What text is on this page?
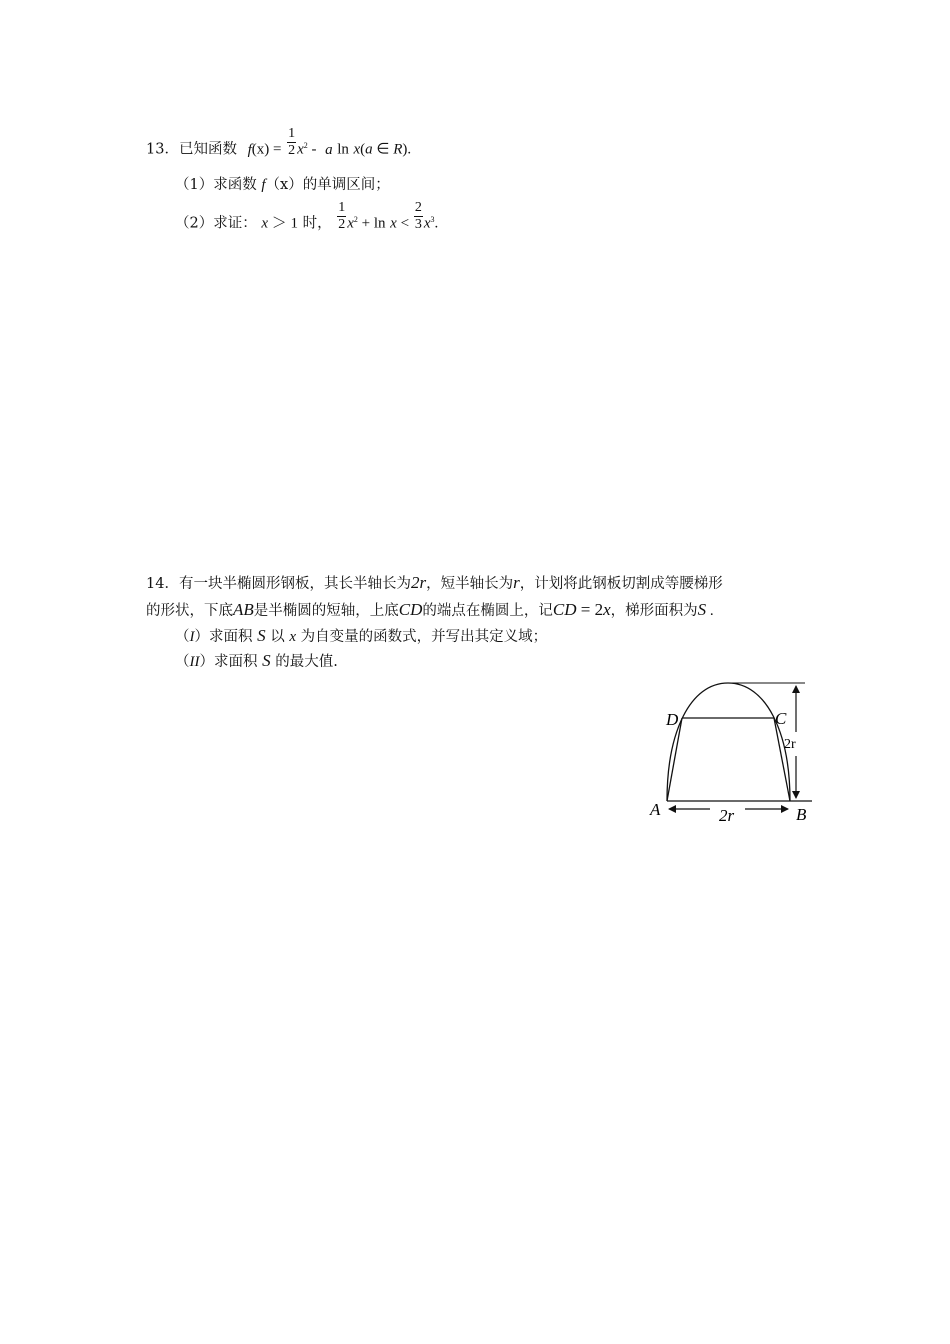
13．已知函数 $f(x) = \frac{1}{2} x^2 - a$ ln x(a ∈ R).
（1）求函数 f（x）的单调区间；
（2）求证： x ＞ 1 时， $\frac{1}{2} x^2 + \ln x < \frac{2}{3} x^3$.
14．有一块半椭圆形钢板，其长半轴长为2r，短半轴长为r，计划将此钢板切割成等腰梯形
的形状，下底AB是半椭圆的短轴，上底CD的端点在椭圆上，记CD = 2x，梯形面积为S .
（I）求面积 S 以 x 为自变量的函数式，并写出其定义域；
（II）求面积 S 的最大值.
D	C
A	B
2r
2r
